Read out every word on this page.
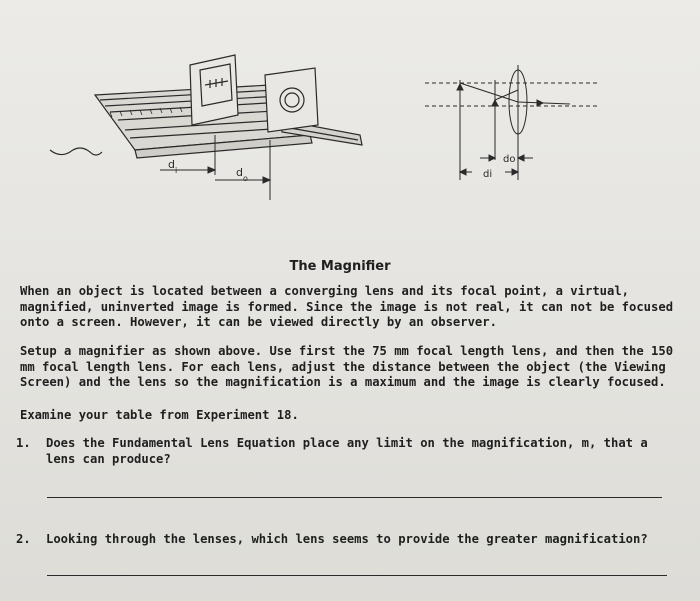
d i	d o
do
di
The Magnifier
When an object is located between a converging lens and its focal point, a virtual, magnified, uninverted image is formed. Since the image is not real, it can not be focused onto a screen. However, it can be viewed directly by an observer.
Setup a magnifier as shown above. Use first the 75 mm focal length lens, and then the 150 mm focal length lens. For each lens, adjust the distance between the object (the Viewing Screen) and the lens so the magnification is a maximum and the image is clearly focused.
Examine your table from Experiment 18.
1.	Does the Fundamental Lens Equation place any limit on the magnification, m, that a lens can produce?
2.	Looking through the lenses, which lens seems to provide the greater magnification?
